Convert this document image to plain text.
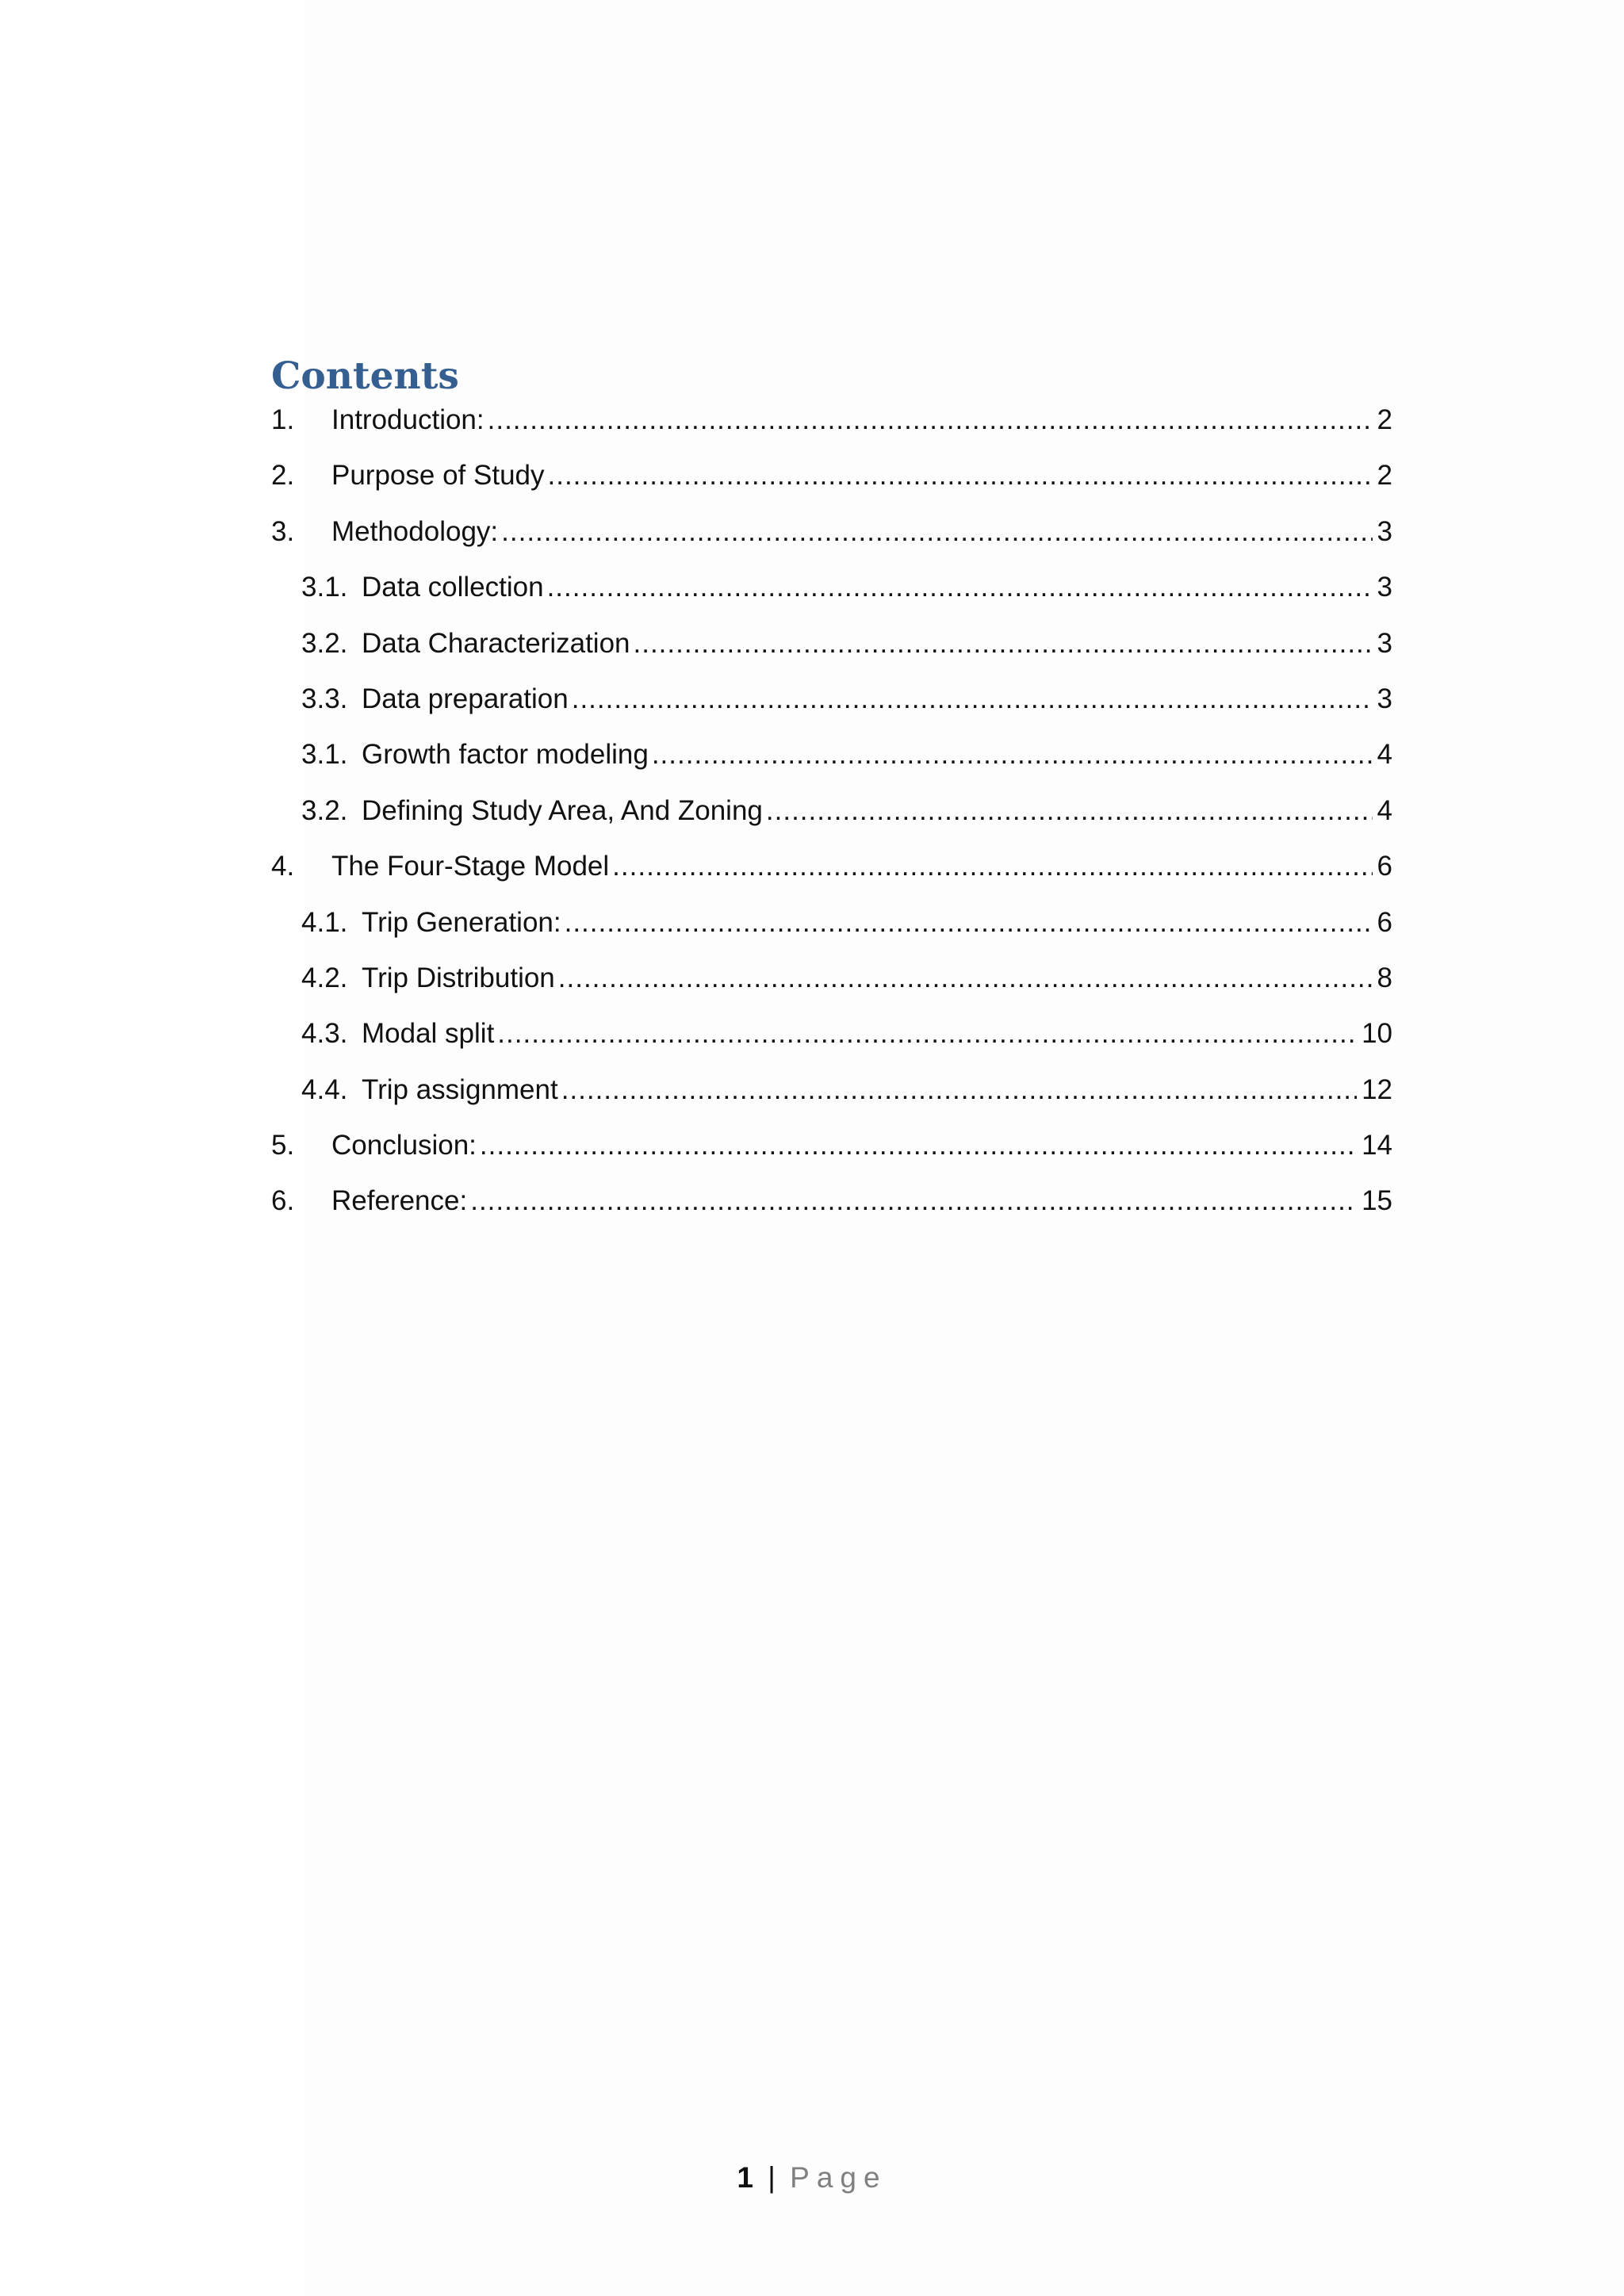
Contents
1.	Introduction: .....	2
2.	Purpose of Study .....	2
3.	Methodology: .....	3
3.1. Data collection .....	3
3.2. Data Characterization .....	3
3.3. Data preparation .....	3
3.1. Growth factor modeling .....	4
3.2. Defining Study Area, And Zoning .....	4
4.	The Four-Stage Model .....	6
4.1. Trip Generation: .....	6
4.2. Trip Distribution .....	8
4.3. Modal split .....	10
4.4. Trip assignment .....	12
5.	Conclusion: .....	14
6.	Reference: .....	15
1 | Page
